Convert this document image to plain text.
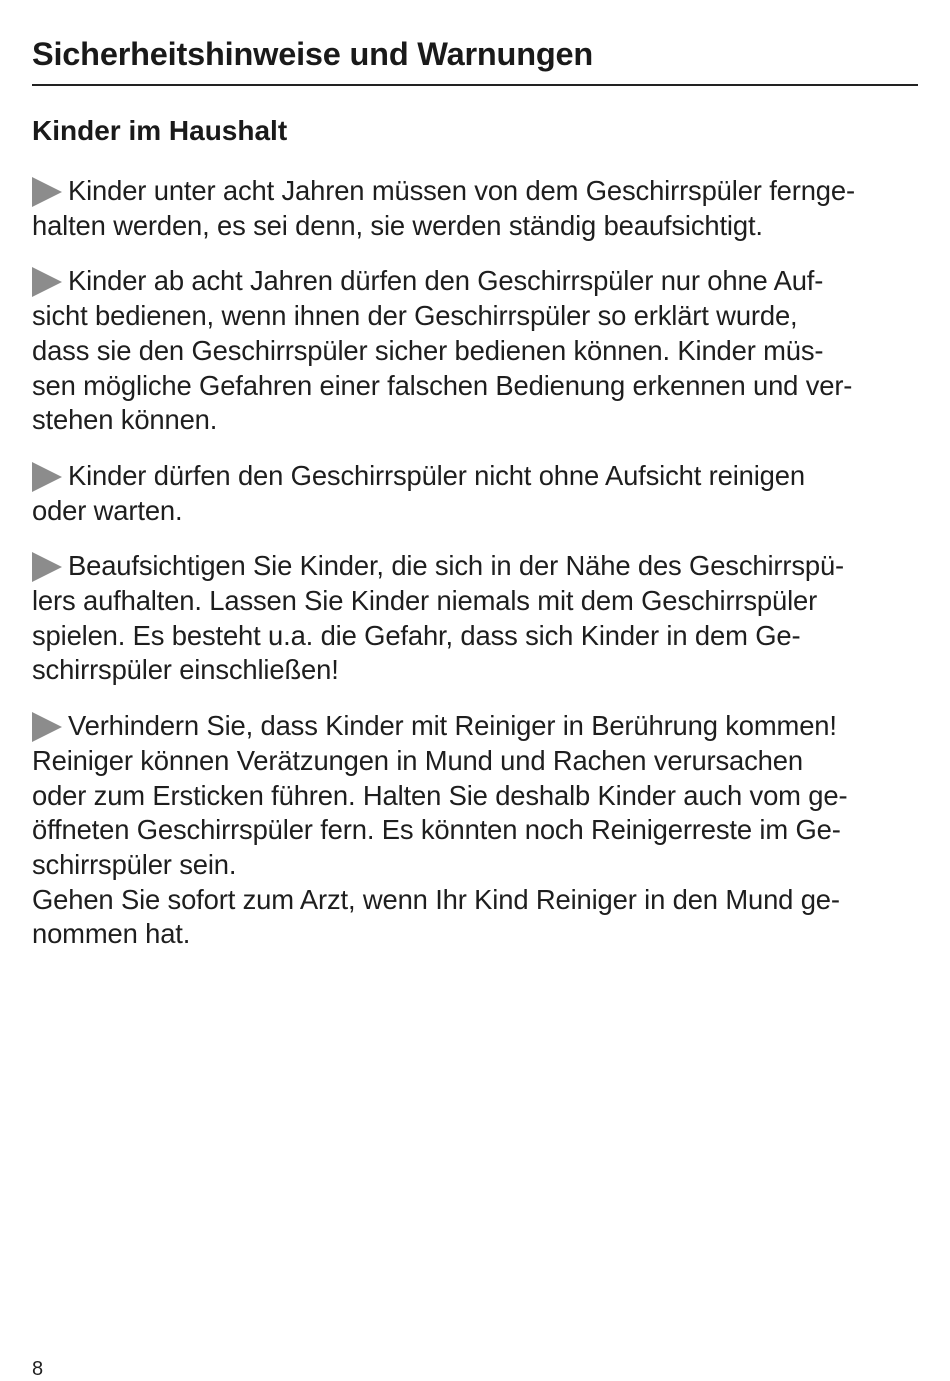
Sicherheitshinweise und Warnungen
Kinder im Haushalt
Kinder unter acht Jahren müssen von dem Geschirrspüler fernge-
halten werden, es sei denn, sie werden ständig beaufsichtigt.
Kinder ab acht Jahren dürfen den Geschirrspüler nur ohne Auf-
sicht bedienen, wenn ihnen der Geschirrspüler so erklärt wurde,
dass sie den Geschirrspüler sicher bedienen können. Kinder müs-
sen mögliche Gefahren einer falschen Bedienung erkennen und ver-
stehen können.
Kinder dürfen den Geschirrspüler nicht ohne Aufsicht reinigen
oder warten.
Beaufsichtigen Sie Kinder, die sich in der Nähe des Geschirrspü-
lers aufhalten. Lassen Sie Kinder niemals mit dem Geschirrspüler
spielen. Es besteht u.a. die Gefahr, dass sich Kinder in dem Ge-
schirrspüler einschließen!
Verhindern Sie, dass Kinder mit Reiniger in Berührung kommen!
Reiniger können Verätzungen in Mund und Rachen verursachen
oder zum Ersticken führen. Halten Sie deshalb Kinder auch vom ge-
öffneten Geschirrspüler fern. Es könnten noch Reinigerreste im Ge-
schirrspüler sein.
Gehen Sie sofort zum Arzt, wenn Ihr Kind Reiniger in den Mund ge-
nommen hat.
8
